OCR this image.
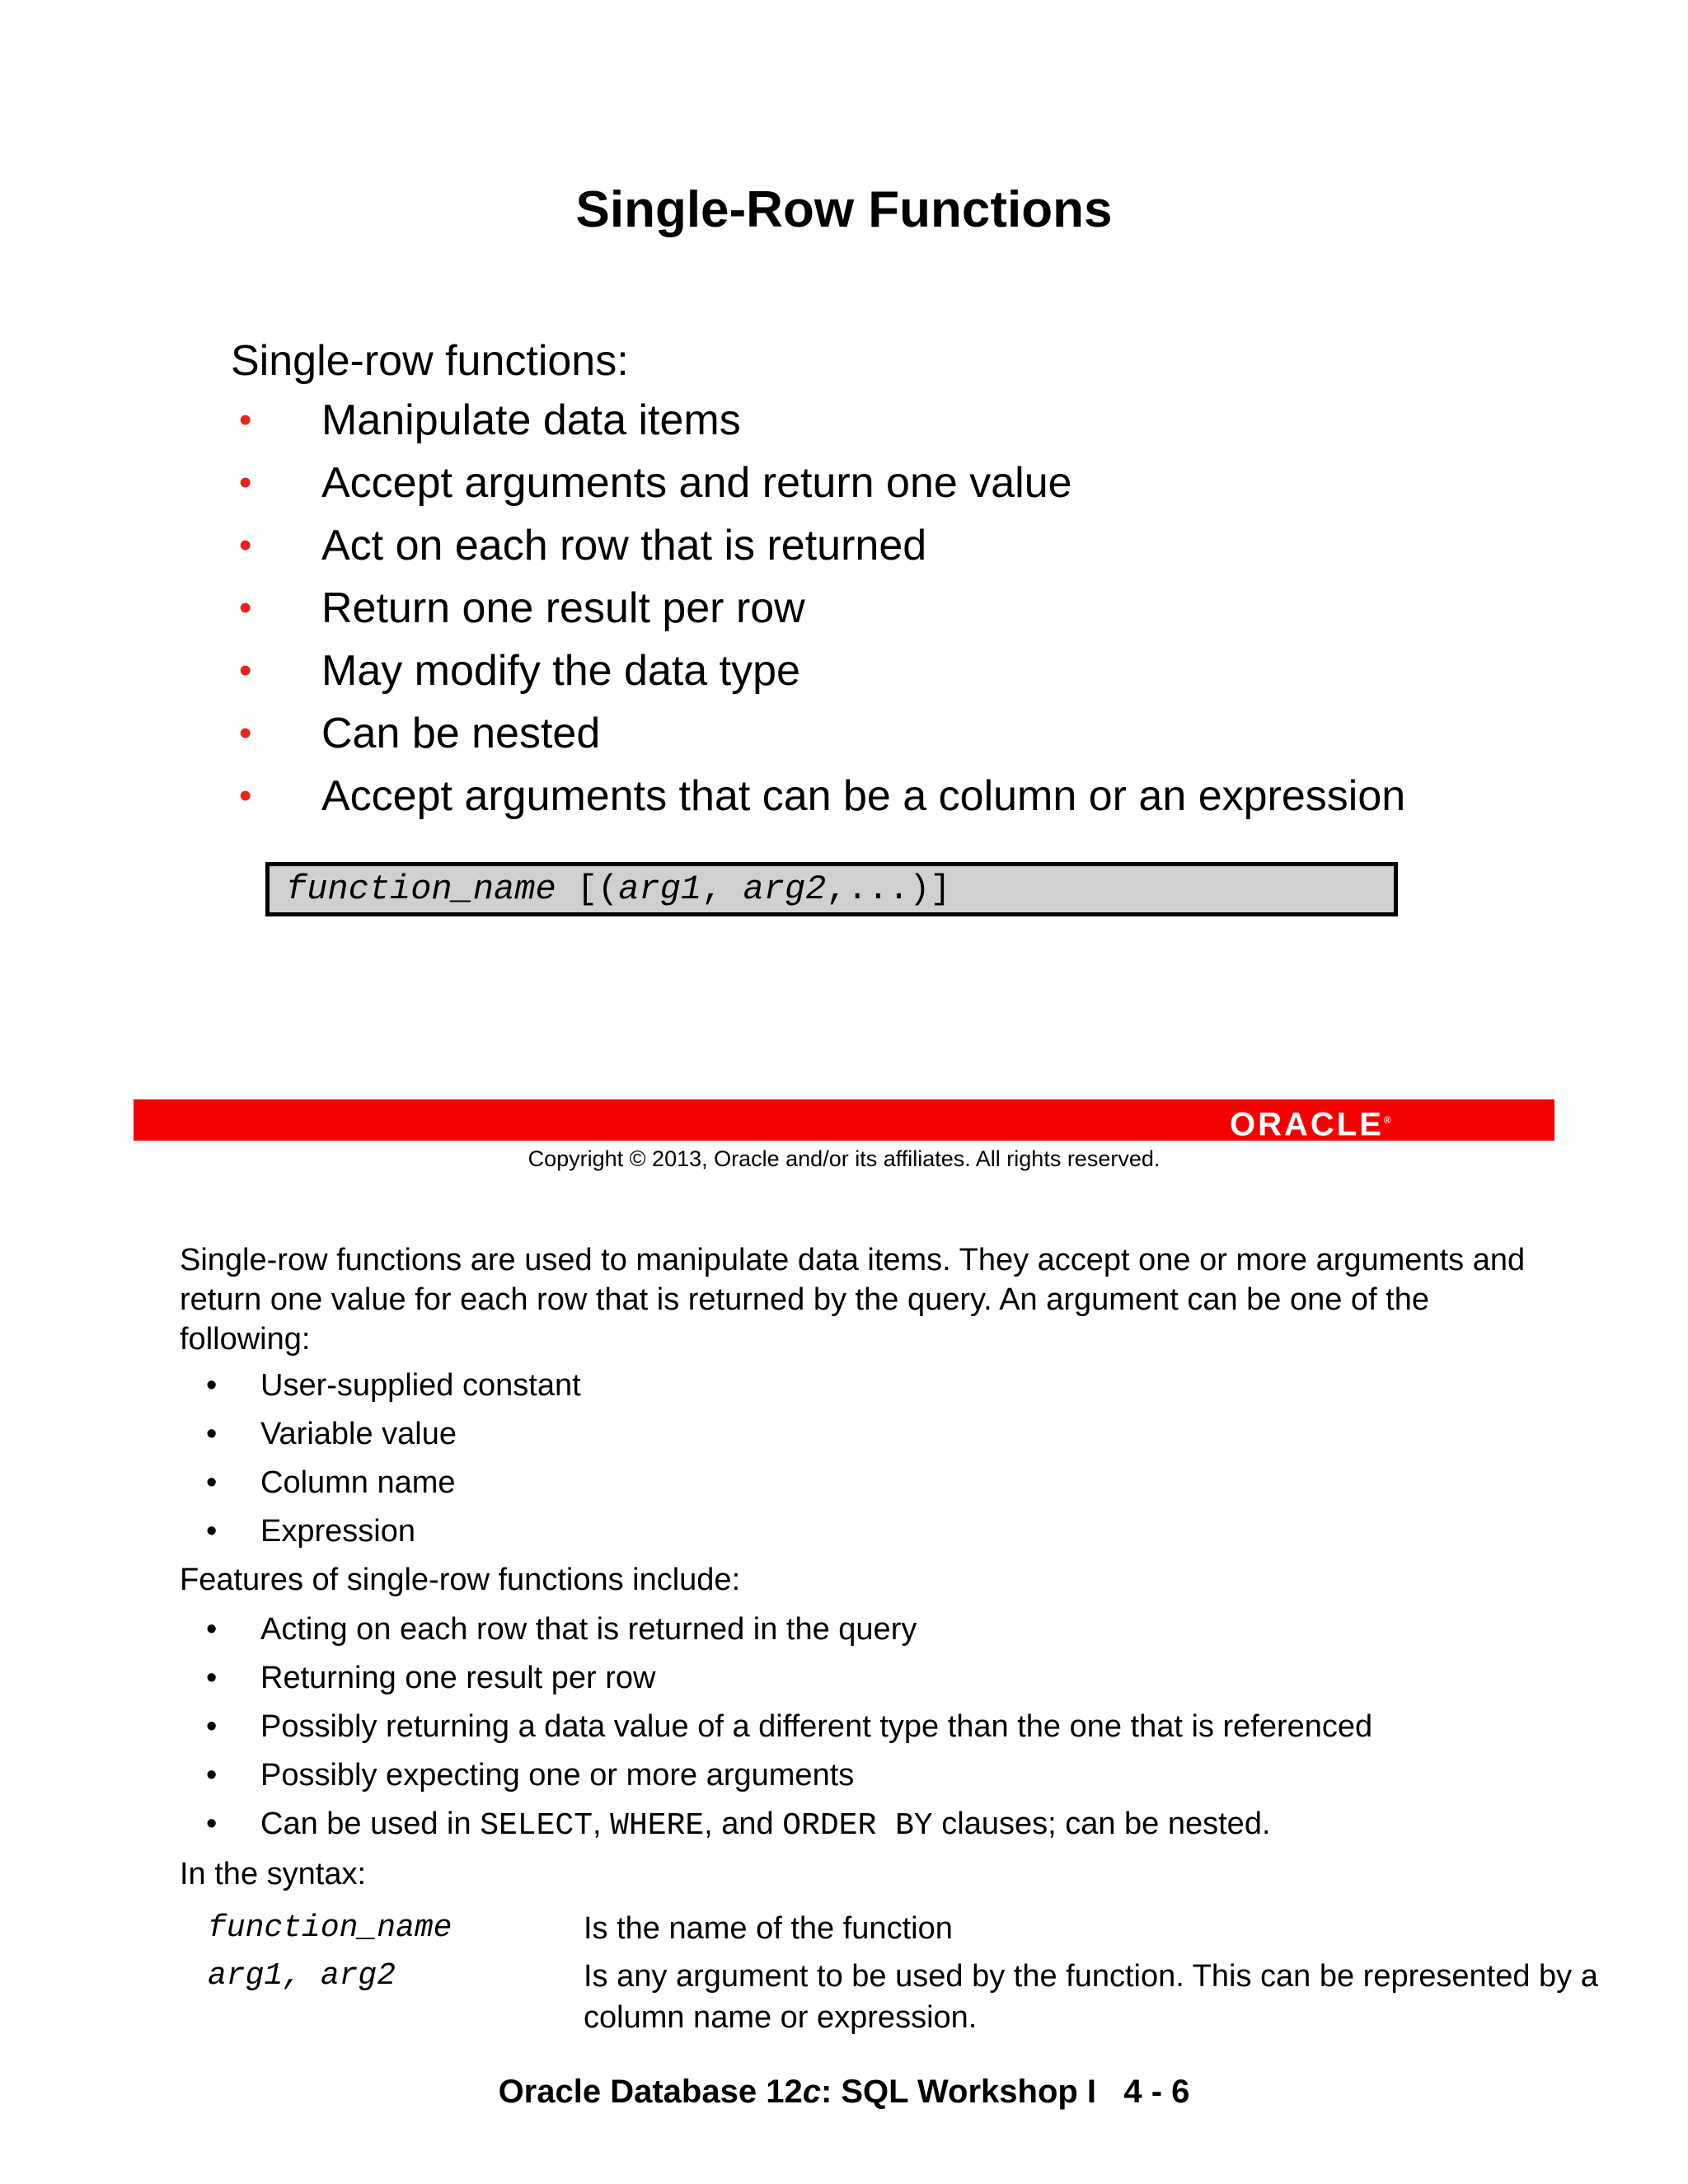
Single-Row Functions
Single-row functions:
• Manipulate data items
• Accept arguments and return one value
• Act on each row that is returned
• Return one result per row
• May modify the data type
• Can be nested
• Accept arguments that can be a column or an expression
function_name [(arg1, arg2,...)]
ORACLE®
Copyright © 2013, Oracle and/or its affiliates. All rights reserved.
Single-row functions are used to manipulate data items. They accept one or more arguments and return one value for each row that is returned by the query. An argument can be one of the following:
• User-supplied constant
• Variable value
• Column name
• Expression
Features of single-row functions include:
• Acting on each row that is returned in the query
• Returning one result per row
• Possibly returning a data value of a different type than the one that is referenced
• Possibly expecting one or more arguments
• Can be used in SELECT, WHERE, and ORDER BY clauses; can be nested.
In the syntax:
function_name	Is the name of the function
arg1, arg2	Is any argument to be used by the function. This can be represented by a column name or expression.
Oracle Database 12c: SQL Workshop I   4 - 6
